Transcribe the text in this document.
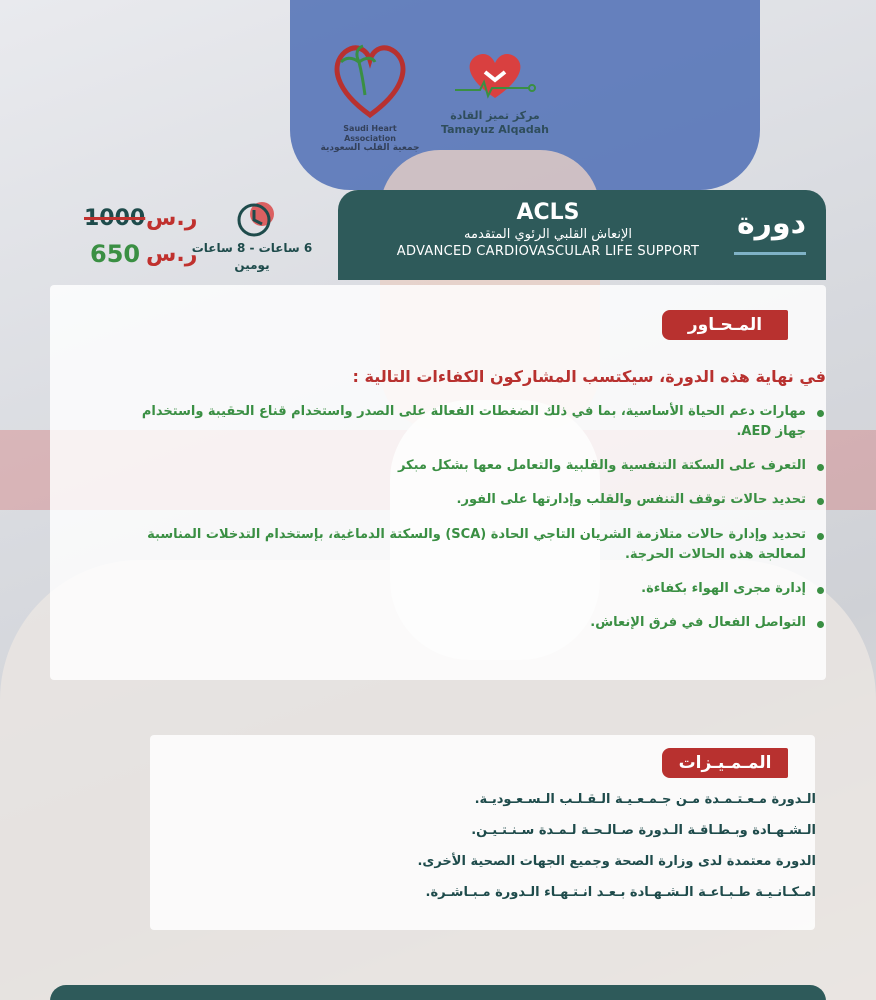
Saudi Heart Association
جمعية القلب السعودية
مركز تميز القادة
Tamayuz Alqadah
دورة
ACLS
الإنعاش القلبي الرئوي المتقدمه
ADVANCED CARDIOVASCULAR LIFE SUPPORT
1000 ر.س
650 ر.س
6 ساعات - 8 ساعات
يومين
المـحـاور
في نهاية هذه الدورة، سيكتسب المشاركون الكفاءات التالية :
مهارات دعم الحياة الأساسية، بما في ذلك الضغطات الفعالة على الصدر واستخدام قناع الحقيبة واستخدام جهاز AED.
التعرف على السكتة التنفسية والقلبية والتعامل معها بشكل مبكر
تحديد حالات توقف التنفس والقلب وإدارتها على الفور.
تحديد وإدارة حالات متلازمة الشريان التاجي الحادة (SCA) والسكتة الدماغية، بإستخدام التدخلات المناسبة لمعالجة هذه الحالات الحرجة.
إدارة مجرى الهواء بكفاءة.
التواصل الفعال في فرق الإنعاش.
المـمـيـزات
الـدورة مـعـتـمـدة مـن جـمـعـيـة الـقـلـب الـسـعـوديـة.
الـشـهـادة وبـطـاقـة الـدورة صـالـحـة لـمـدة سـنـتـيـن.
الدورة معتمدة لدى وزارة الصحة وجميع الجهات الصحية الأخرى.
امـكـانـيـة طـبـاعـة الـشـهـادة بـعـد انـتـهـاء الـدورة مـبـاشـرة.
